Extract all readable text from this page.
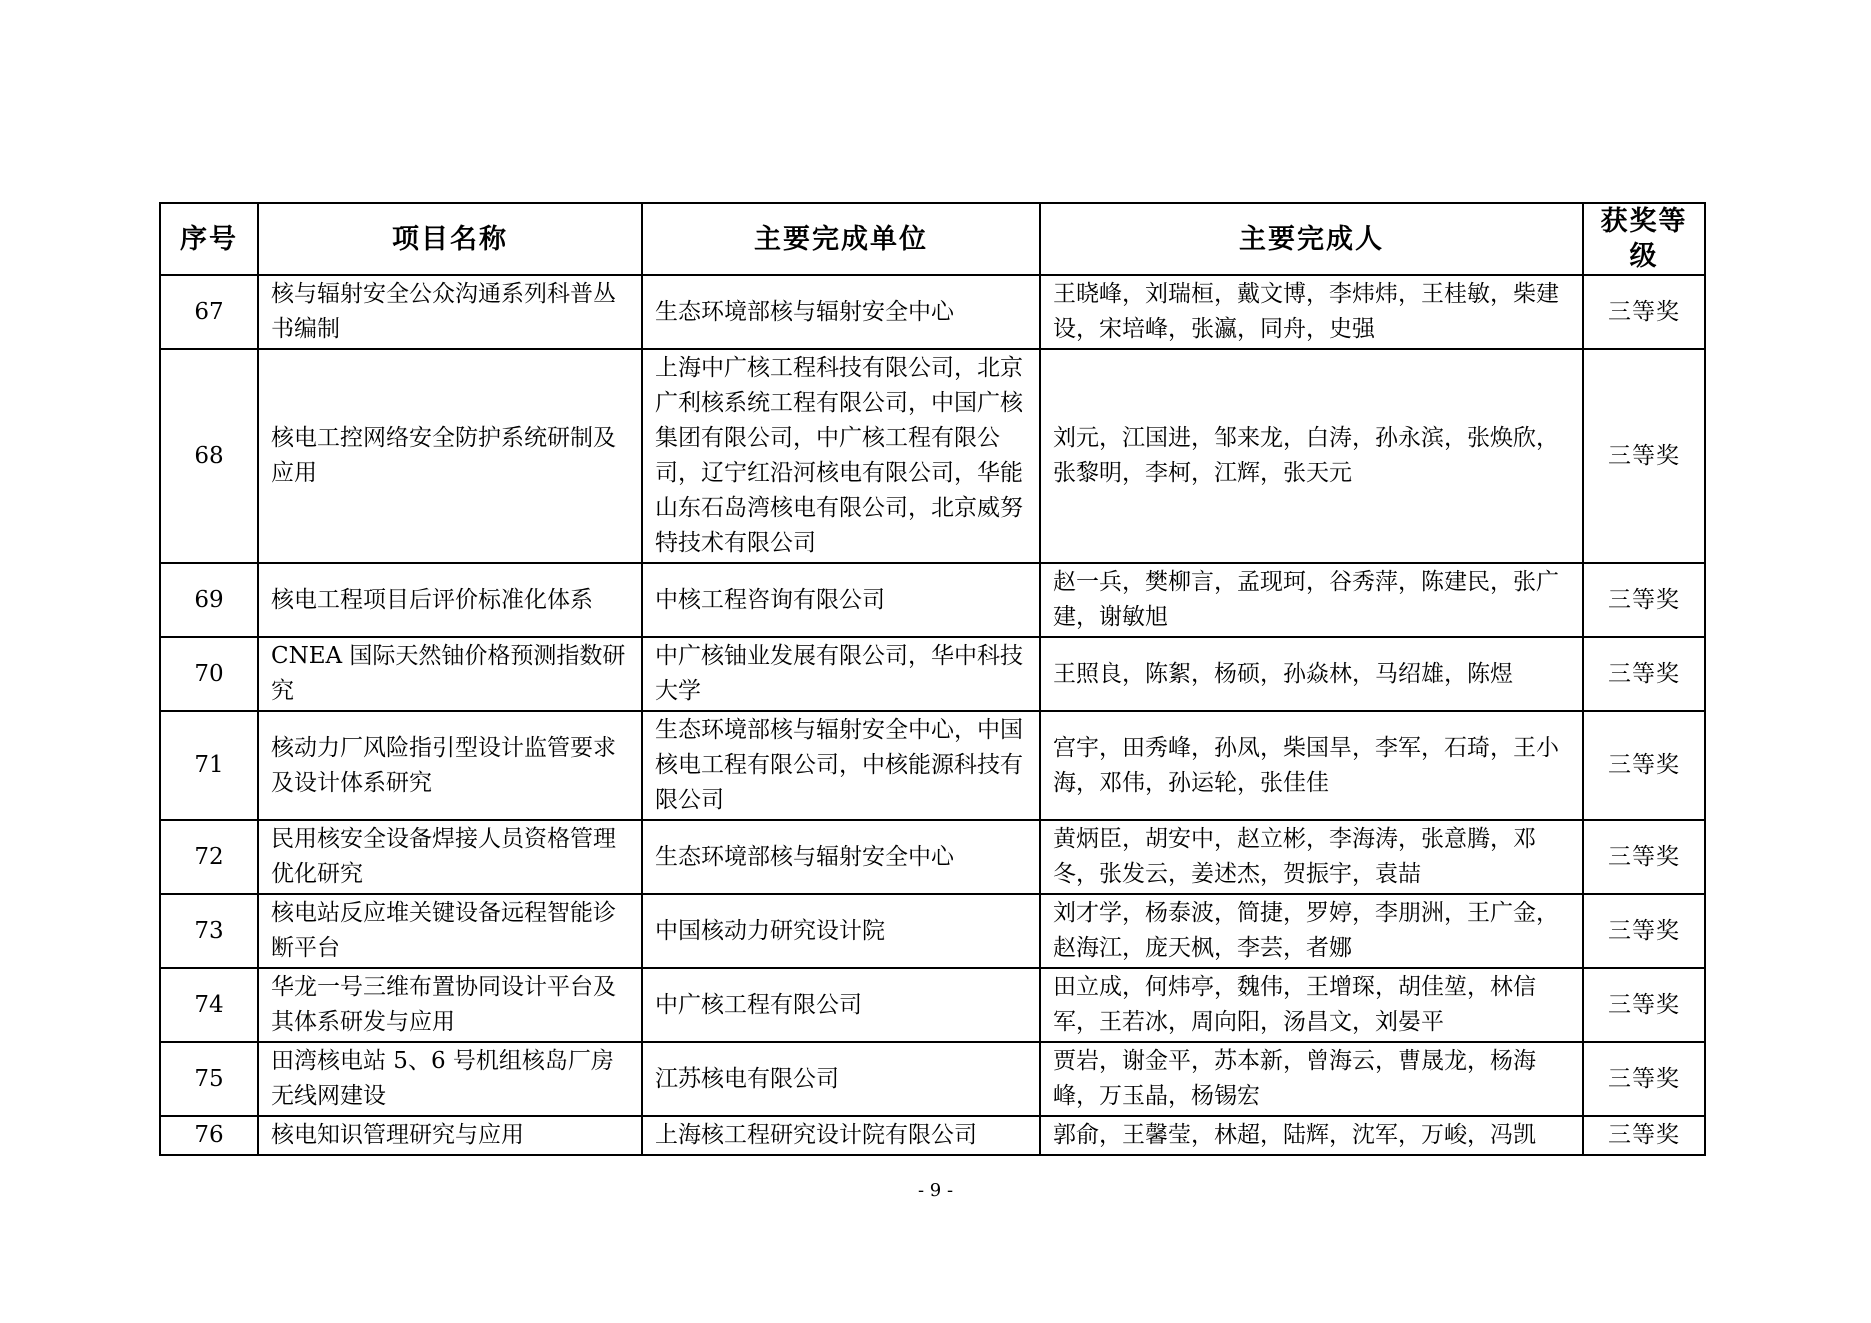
序号	项目名称	主要完成单位	主要完成人	获奖等级
67	核与辐射安全公众沟通系列科普丛书编制	生态环境部核与辐射安全中心	王晓峰，刘瑞桓，戴文博，李炜炜，王桂敏，柴建设，宋培峰，张瀛，同舟，史强	三等奖
68	核电工控网络安全防护系统研制及应用	上海中广核工程科技有限公司，北京广利核系统工程有限公司，中国广核集团有限公司，中广核工程有限公司，辽宁红沿河核电有限公司，华能山东石岛湾核电有限公司，北京威努特技术有限公司	刘元，江国进，邹来龙，白涛，孙永滨，张焕欣，张黎明，李柯，江辉，张天元	三等奖
69	核电工程项目后评价标准化体系	中核工程咨询有限公司	赵一兵，樊柳言，孟现珂，谷秀萍，陈建民，张广建，谢敏旭	三等奖
70	CNEA 国际天然铀价格预测指数研究	中广核铀业发展有限公司，华中科技大学	王照良，陈絮，杨硕，孙焱林，马绍雄，陈煜	三等奖
71	核动力厂风险指引型设计监管要求及设计体系研究	生态环境部核与辐射安全中心，中国核电工程有限公司，中核能源科技有限公司	宫宇，田秀峰，孙凤，柴国旱，李军，石琦，王小海，邓伟，孙运轮，张佳佳	三等奖
72	民用核安全设备焊接人员资格管理优化研究	生态环境部核与辐射安全中心	黄炳臣，胡安中，赵立彬，李海涛，张意腾，邓冬，张发云，姜述杰，贺振宇，袁喆	三等奖
73	核电站反应堆关键设备远程智能诊断平台	中国核动力研究设计院	刘才学，杨泰波，简捷，罗婷，李朋洲，王广金，赵海江，庞天枫，李芸，者娜	三等奖
74	华龙一号三维布置协同设计平台及其体系研发与应用	中广核工程有限公司	田立成，何炜亭，魏伟，王增琛，胡佳堃，林信军，王若冰，周向阳，汤昌文，刘晏平	三等奖
75	田湾核电站 5、6 号机组核岛厂房无线网建设	江苏核电有限公司	贾岩，谢金平，苏本新，曾海云，曹晟龙，杨海峰，万玉晶，杨锡宏	三等奖
76	核电知识管理研究与应用	上海核工程研究设计院有限公司	郭俞，王馨莹，林超，陆辉，沈军，万峻，冯凯	三等奖
- 9 -
